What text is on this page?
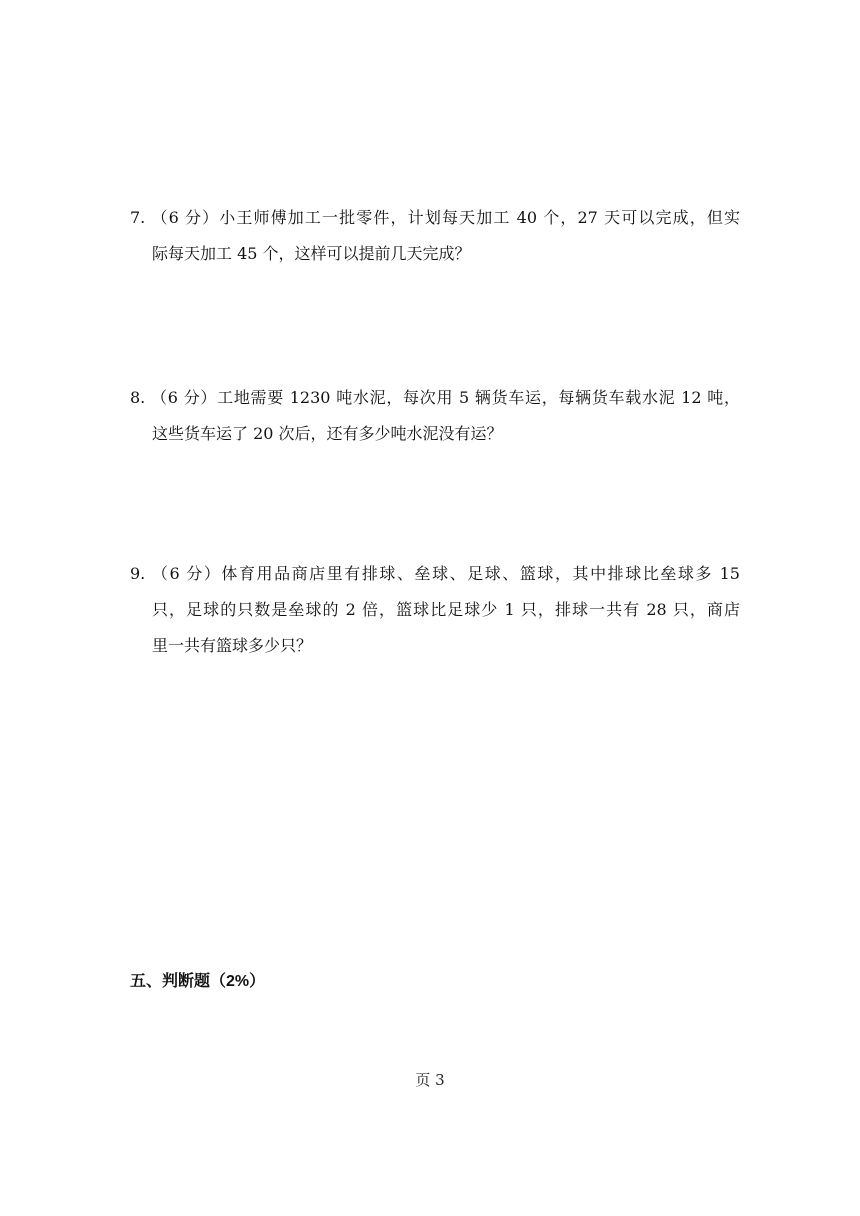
7. （6 分）小王师傅加工一批零件，计划每天加工 40 个，27 天可以完成，但实
际每天加工 45 个，这样可以提前几天完成？
8. （6 分）工地需要 1230 吨水泥，每次用 5 辆货车运，每辆货车载水泥 12 吨，
这些货车运了 20 次后，还有多少吨水泥没有运？
9. （6 分）体育用品商店里有排球、垒球、足球、篮球，其中排球比垒球多 15
只，足球的只数是垒球的 2 倍，篮球比足球少 1 只，排球一共有 28 只，商店
里一共有篮球多少只？
五、判断题（2%）
页 3
